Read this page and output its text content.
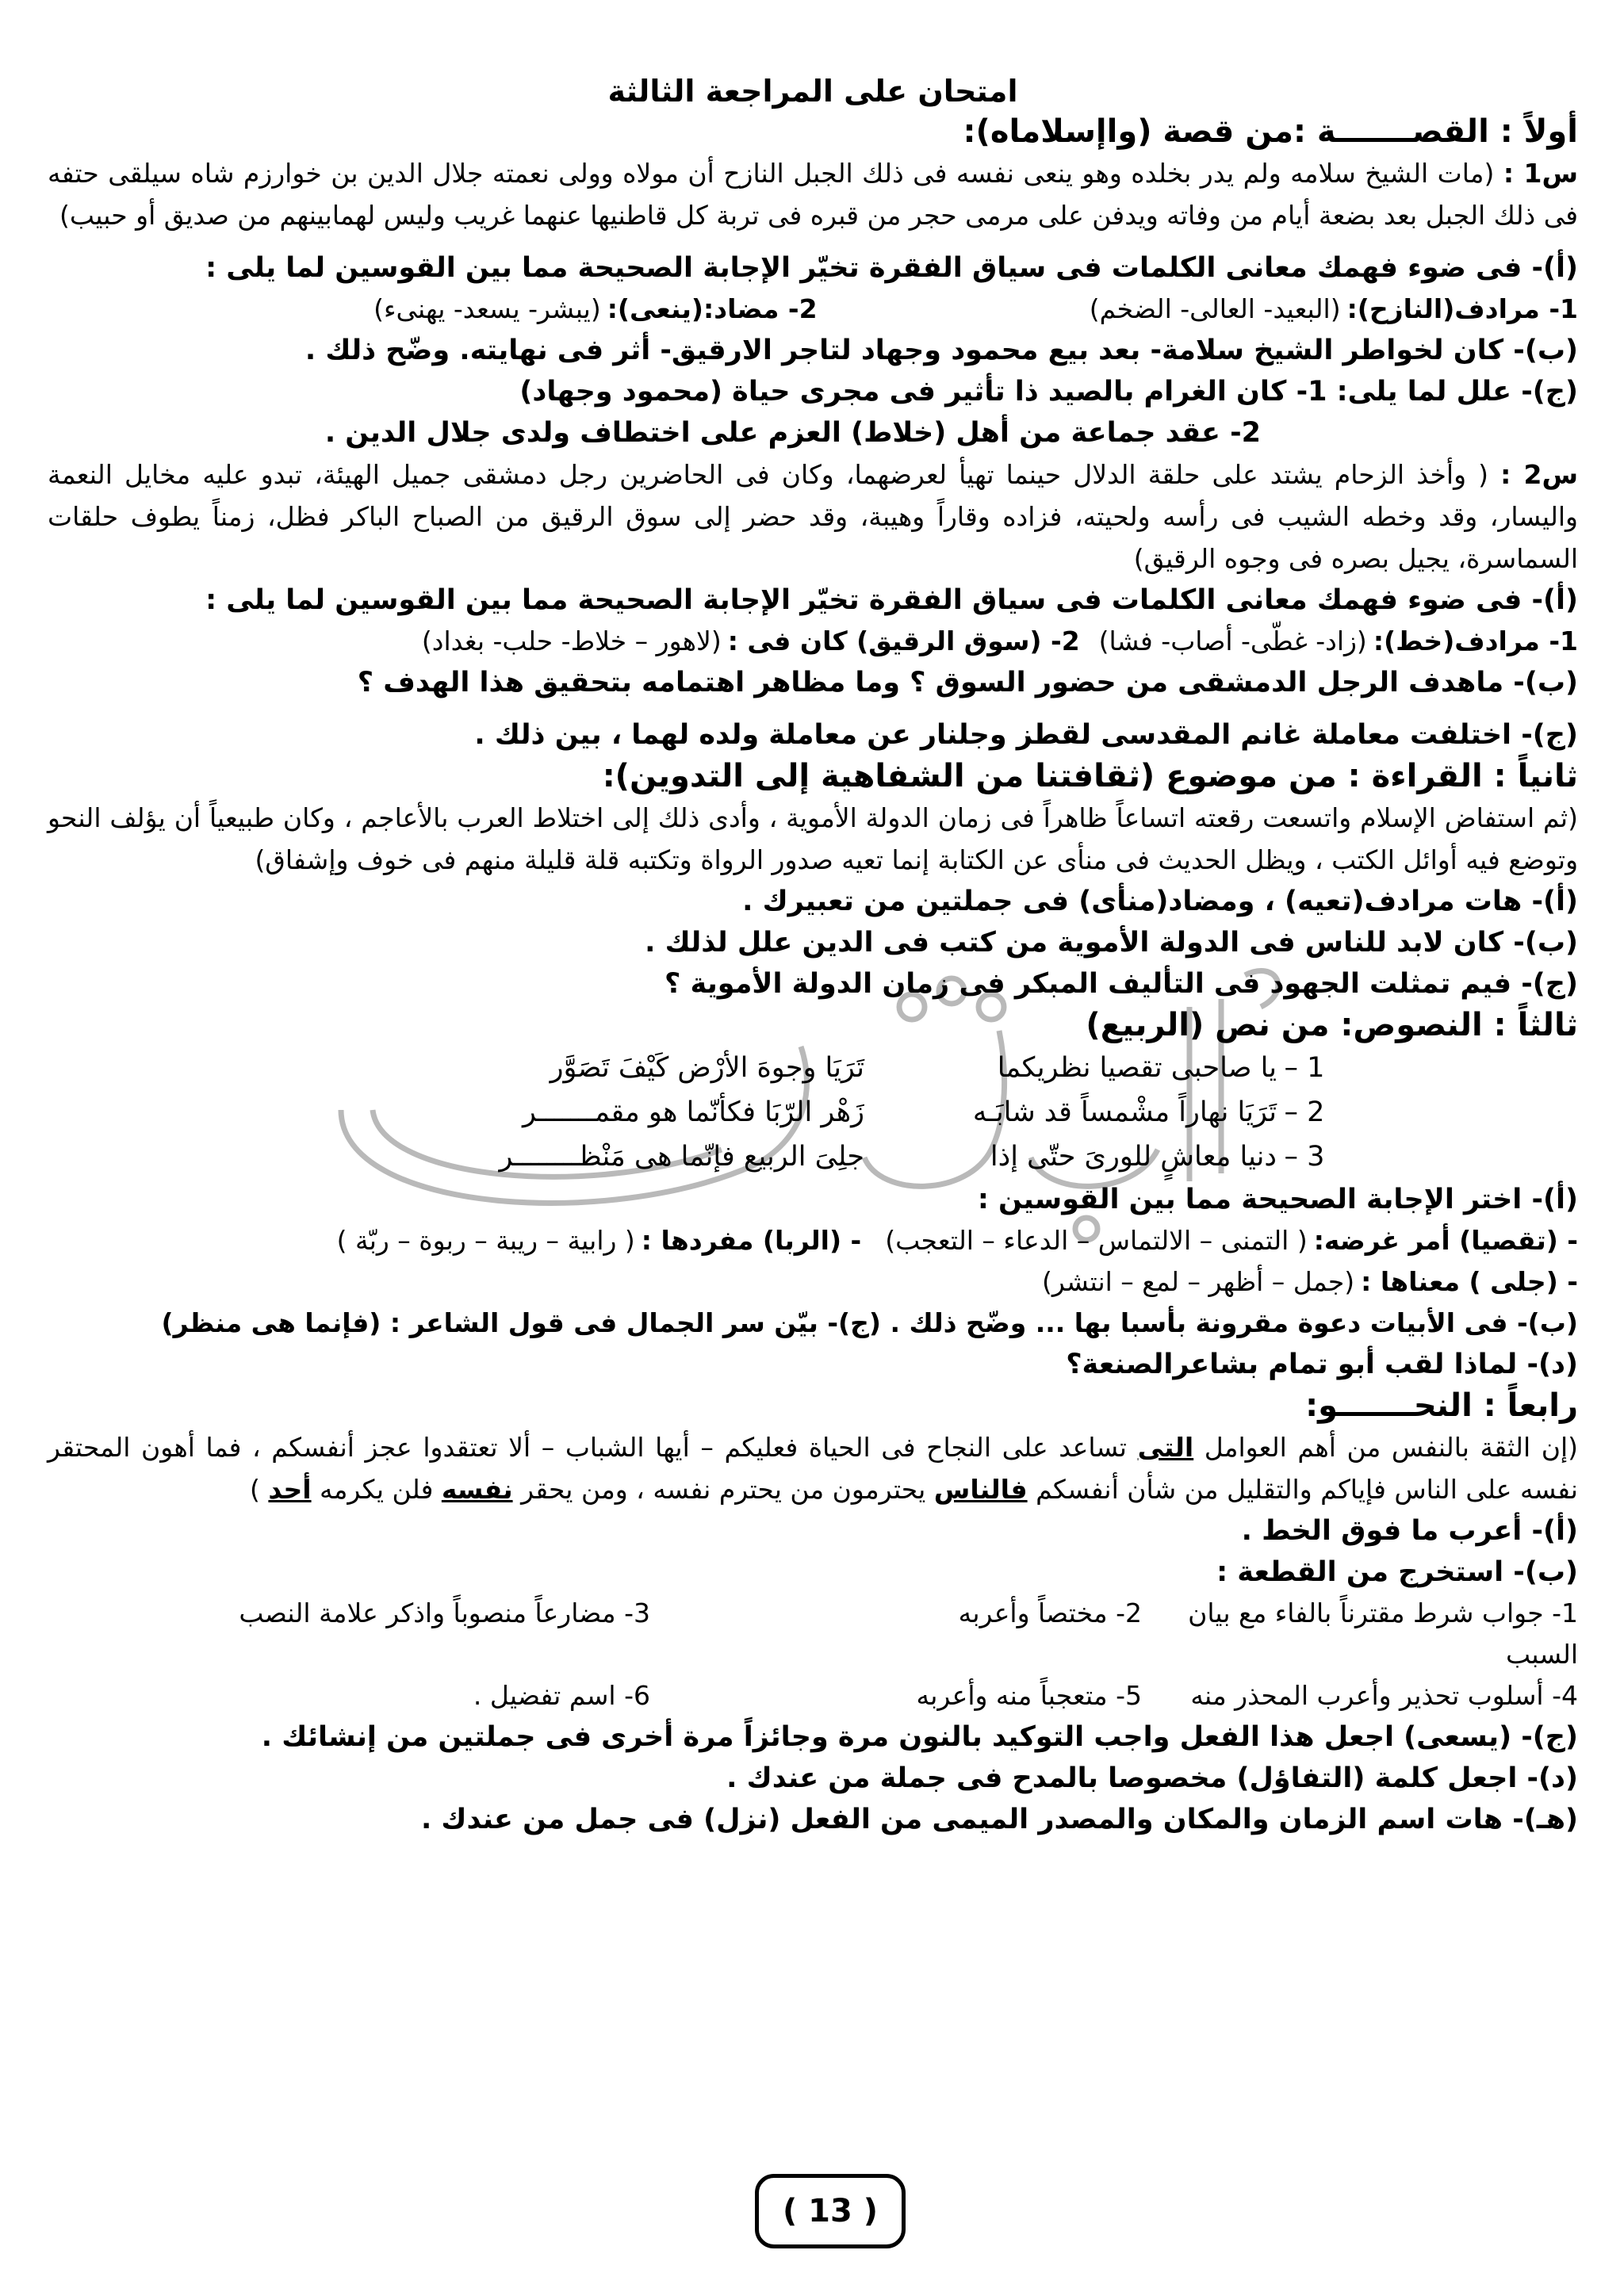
امتحان على المراجعة الثالثة
أولاً : القصـــــــة :من قصة (واإسلاماه):
س1 : (مات الشيخ سلامه ولم يدر بخلده وهو ينعى نفسه فى ذلك الجبل النازح أن مولاه وولى نعمته جلال الدين بن خوارزم شاه سيلقى حتفه فى ذلك الجبل بعد بضعة أيام من وفاته ويدفن على مرمى حجر من قبره فى تربة كل قاطنيها عنهما غريب وليس لهمابينهم من صديق أو حبيب)
(أ)- فى ضوء فهمك معانى الكلمات فى سياق الفقرة تخيّر الإجابة الصحيحة مما بين القوسين لما يلى :
1- مرادف(النازح):
(البعيد- العالى- الضخم)
2- مضاد:(ينعى):
(يبشر- يسعد- يهنىء)
(ب)- كان لخواطر الشيخ سلامة- بعد بيع محمود وجهاد لتاجر الارقيق- أثر فى نهايته. وضّح ذلك .
(ج)- علل لما يلى: 1- كان الغرام بالصيد ذا تأثير فى مجرى حياة (محمود وجهاد)
2- عقد جماعة من أهل (خلاط) العزم على اختطاف ولدى جلال الدين .
س2 : ( وأخذ الزحام يشتد على حلقة الدلال حينما تهيأ لعرضهما، وكان فى الحاضرين رجل دمشقى جميل الهيئة، تبدو عليه مخايل النعمة واليسار، وقد وخطه الشيب فى رأسه ولحيته، فزاده وقاراً وهيبة، وقد حضر إلى سوق الرقيق من الصباح الباكر فظل، زمناً يطوف حلقات السماسرة، يجيل بصره فى وجوه الرقيق)
(أ)- فى ضوء فهمك معانى الكلمات فى سياق الفقرة تخيّر الإجابة الصحيحة مما بين القوسين لما يلى :
1- مرادف(خط):
(زاد- غطّى- أصاب- فشا)
2- (سوق الرقيق) كان فى :
(لاهور – خلاط- حلب- بغداد)
(ب)- ماهدف الرجل الدمشقى من حضور السوق ؟ وما مظاهر اهتمامه بتحقيق هذا الهدف ؟
(ج)- اختلفت معاملة غانم المقدسى لقطز وجلنار عن معاملة ولده لهما ، بين ذلك .
ثانياً : القراءة : من موضوع (ثقافتنا من الشفاهية إلى التدوين):
(ثم استفاض الإسلام واتسعت رقعته اتساعاً ظاهراً فى زمان الدولة الأموية ، وأدى ذلك إلى اختلاط العرب بالأعاجم ، وكان طبيعياً أن يؤلف النحو وتوضع فيه أوائل الكتب ، ويظل الحديث فى منأى عن الكتابة إنما تعيه صدور الرواة وتكتبه قلة قليلة منهم فى خوف وإشفاق)
(أ)- هات مرادف(تعيه) ، ومضاد(منأى) فى جملتين من تعبيرك .
(ب)- كان لابد للناس فى الدولة الأموية من كتب فى الدين علل لذلك .
(ج)- فيم تمثلت الجهود فى التأليف المبكر فى زمان الدولة الأموية ؟
ثالثاً : النصوص: من نص (الربيع)
1 –
يا صاحبى تقصيا نظريكما
تَرَيَا وجوهَ الأرْض كَيْفَ تَصَوَّر
2 –
تَرَيَا نهاراً مشْمساً قد شابَـه
زَهْر الرّبَا فكأنّما هو مقمـــــــر
3 –
دنيا معاشٍ للورىَ حتّى إذا
جلِىَ الربيع فإنّما هى مَنْظــــــــر
(أ)- اختر الإجابة الصحيحة مما بين القوسين :
- (تقصيا) أمر غرضه:
( التمنى – الالتماس – الدعاء – التعجب)
- (الربا) مفردها :
( رابية – ريبة – ربوة – ربّة )
- (جلى ) معناها :
(جمل – أظهر – لمع – انتشر)
(ب)- فى الأبيات دعوة مقرونة بأسبا بها ... وضّح ذلك . (ج)- بيّن سر الجمال فى قول الشاعر : (فإنما هى منظر)
(د)- لماذا لقب أبو تمام بشاعرالصنعة؟
رابعاً : النحـــــــو:
(إن الثقة بالنفس من أهم العوامل التى تساعد على النجاح فى الحياة فعليكم – أيها الشباب – ألا تعتقدوا عجز أنفسكم ، فما أهون المحتقر نفسه على الناس فإياكم والتقليل من شأن أنفسكم فالناس يحترمون من يحترم نفسه ، ومن يحقر نفسه فلن يكرمه أحد )
(أ)- أعرب ما فوق الخط .
(ب)- استخرج من القطعة :
1- جواب شرط مقترناً بالفاء مع بيان السبب
2- مختصاً وأعربه
3- مضارعاً منصوباً واذكر علامة النصب
4- أسلوب تحذير وأعرب المحذر منه
5- متعجباً منه وأعربه
6- اسم تفضيل .
(ج)- (يسعى) اجعل هذا الفعل واجب التوكيد بالنون مرة وجائزاً مرة أخرى فى جملتين من إنشائك .
(د)- اجعل كلمة (التفاؤل) مخصوصا بالمدح فى جملة من عندك .
(هـ)- هات اسم الزمان والمكان والمصدر الميمى من الفعل (نزل) فى جمل من عندك .
( 13 )
